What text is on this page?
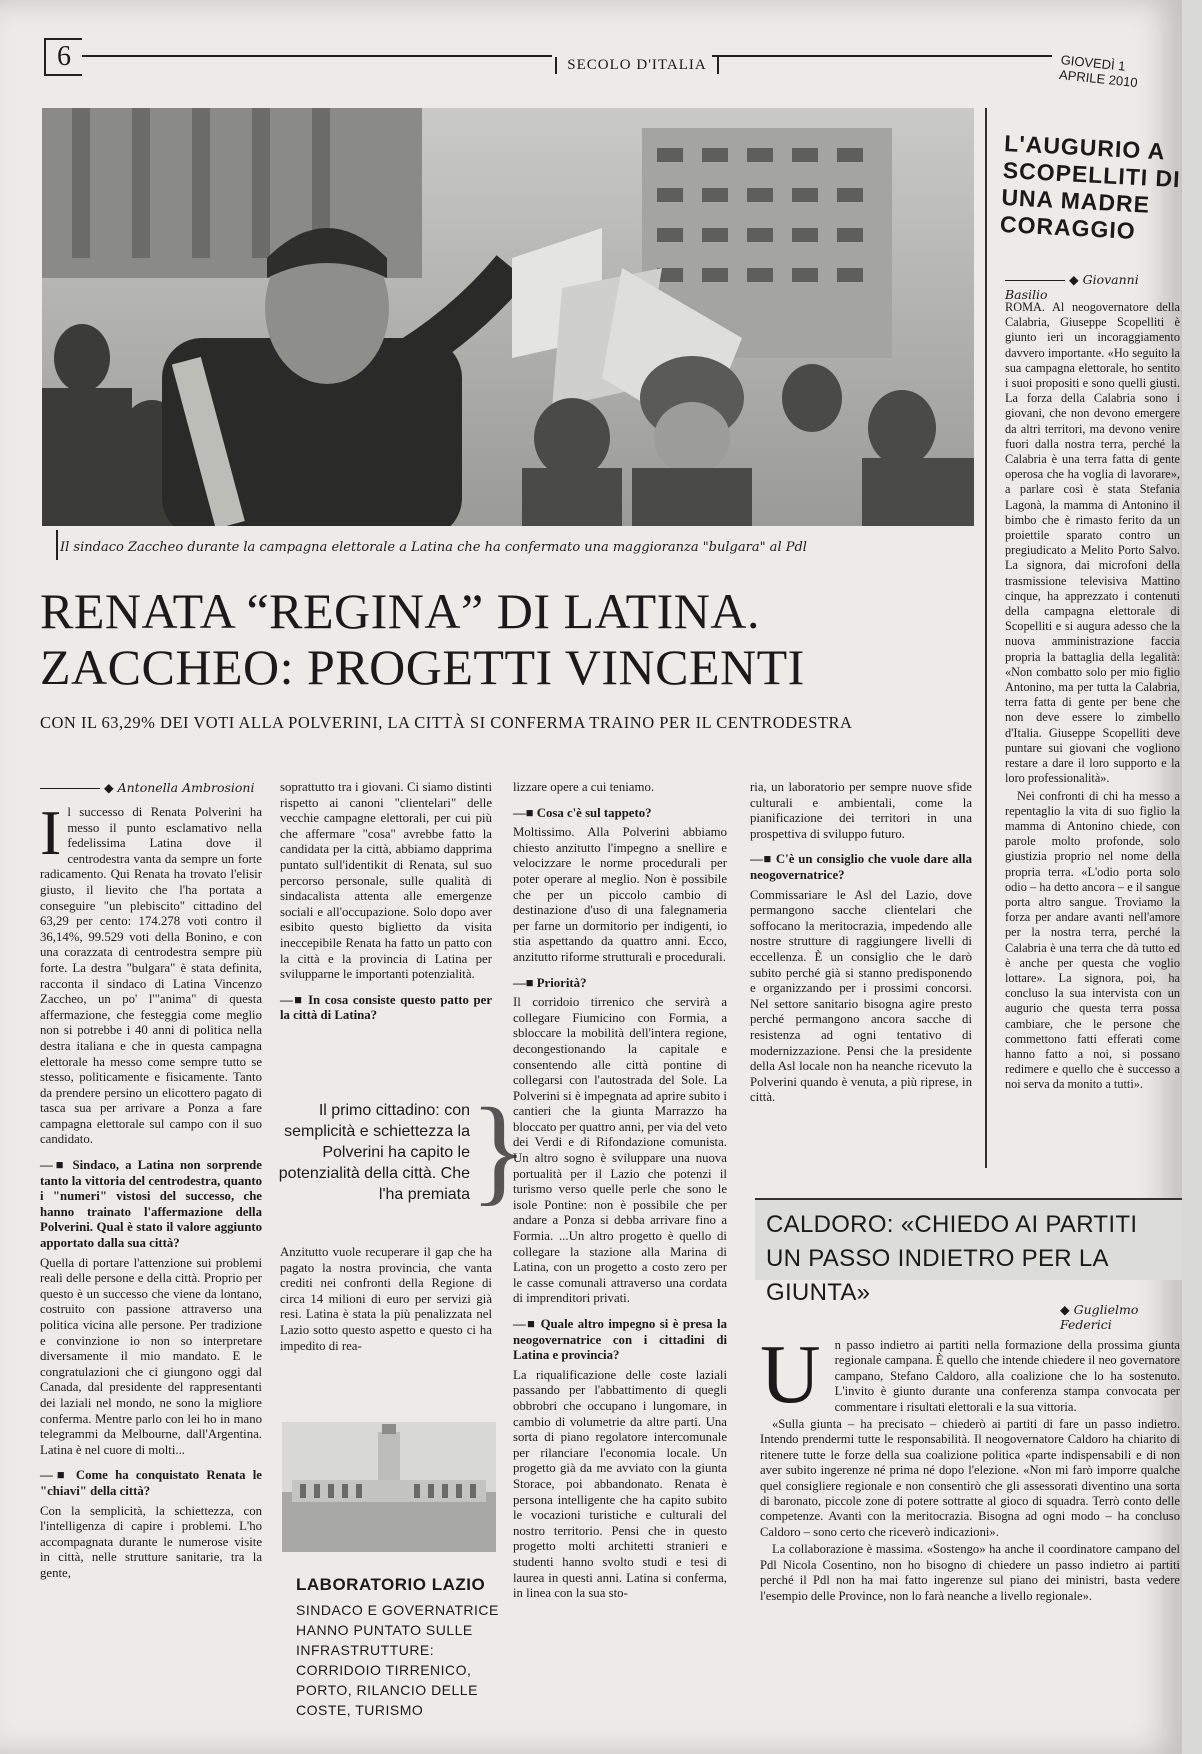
6	SECOLO D'ITALIA	GIOVEDÌ 1 APRILE 2010
Il sindaco Zaccheo durante la campagna elettorale a Latina che ha confermato una maggioranza "bulgara" al Pdl
RENATA “REGINA” DI LATINA.
ZACCHEO: PROGETTI VINCENTI
CON IL 63,29% DEI VOTI ALLA POLVERINI, LA CITTÀ SI CONFERMA TRAINO PER IL CENTRODESTRA
◆ Antonella Ambrosioni

Il successo di Renata Polverini ha messo il punto esclamativo nella fedelissima Latina dove il centrodestra vanta da sempre un forte radicamento. Qui Renata ha trovato l'elisir giusto, il lievito che l'ha portata a conseguire "un plebiscito" cittadino del 63,29 per cento: 174.278 voti contro il 36,14%, 99.529 voti della Bonino, e con una corazzata di centrodestra sempre più forte. La destra "bulgara" è stata definita, racconta il sindaco di Latina Vincenzo Zaccheo, un po' l'"anima" di questa affermazione, che festeggia come meglio non si potrebbe i 40 anni di politica nella destra italiana e che in questa campagna elettorale ha messo come sempre tutto se stesso, politicamente e fisicamente. Tanto da prendere persino un elicottero pagato di tasca sua per arrivare a Ponza a fare campagna elettorale sul campo con il suo candidato.

—■ Sindaco, a Latina non sorprende tanto la vittoria del centrodestra, quanto i "numeri" vistosi del successo, che hanno trainato l'affermazione della Polverini. Qual è stato il valore aggiunto apportato dalla sua città?

Quella di portare l'attenzione sui problemi reali delle persone e della città. Proprio per questo è un successo che viene da lontano, costruito con passione attraverso una politica vicina alle persone. Per tradizione e convinzione io non so interpretare diversamente il mio mandato. E le congratulazioni che ci giungono oggi dal Canada, dal presidente del rappresentanti dei laziali nel mondo, ne sono la migliore conferma. Mentre parlo con lei ho in mano telegrammi da Melbourne, dall'Argentina. Latina è nel cuore di molti...

—■ Come ha conquistato Renata le "chiavi" della città?

Con la semplicità, la schiettezza, con l'intelligenza di capire i problemi. L'ho accompagnata durante le numerose visite in città, nelle strutture sanitarie, tra la gente,

soprattutto tra i giovani. Ci siamo distinti rispetto ai canoni "clientelari" delle vecchie campagne elettorali, per cui più che affermare "cosa" avrebbe fatto la candidata per la città, abbiamo dapprima puntato sull'identikit di Renata, sul suo percorso personale, sulle qualità di sindacalista attenta alle emergenze sociali e all'occupazione. Solo dopo aver esibito questo biglietto da visita ineccepibile Renata ha fatto un patto con la città e la provincia di Latina per svilupparne le importanti potenzialità.

—■ In cosa consiste questo patto per la città di Latina?

Il primo cittadino: con semplicità e schiettezza la Polverini ha capito le potenzialità della città. Che l'ha premiata }

Anzitutto vuole recuperare il gap che ha pagato la nostra provincia, che vanta crediti nei confronti della Regione di circa 14 milioni di euro per servizi già resi. Latina è stata la più penalizzata nel Lazio sotto questo aspetto e questo ci ha impedito di rea-

LABORATORIO LAZIO
SINDACO E GOVERNATRICE HANNO PUNTATO SULLE INFRASTRUTTURE: CORRIDOIO TIRRENICO, PORTO, RILANCIO DELLE COSTE, TURISMO

lizzare opere a cui teniamo.

—■ Cosa c'è sul tappeto?

Moltissimo. Alla Polverini abbiamo chiesto anzitutto l'impegno a snellire e velocizzare le norme procedurali per poter operare al meglio. Non è possibile che per un piccolo cambio di destinazione d'uso di una falegnameria per farne un dormitorio per indigenti, io stia aspettando da quattro anni. Ecco, anzitutto riforme strutturali e procedurali.

—■ Priorità?

Il corridoio tirrenico che servirà a collegare Fiumicino con Formia, a sbloccare la mobilità dell'intera regione, decongestionando la capitale e consentendo alle città pontine di collegarsi con l'autostrada del Sole. La Polverini si è impegnata ad aprire subito i cantieri che la giunta Marrazzo ha bloccato per quattro anni, per via del veto dei Verdi e di Rifondazione comunista. Un altro sogno è sviluppare una nuova portualità per il Lazio che potenzi il turismo verso quelle perle che sono le isole Pontine: non è possibile che per andare a Ponza si debba arrivare fino a Formia. ...Un altro progetto è quello di collegare la stazione alla Marina di Latina, con un progetto a costo zero per le casse comunali attraverso una cordata di imprenditori privati.

—■ Quale altro impegno si è presa la neogovernatrice con i cittadini di Latina e provincia?

La riqualificazione delle coste laziali passando per l'abbattimento di quegli obbrobri che occupano i lungomare, in cambio di volumetrie da altre parti. Una sorta di piano regolatore intercomunale per rilanciare l'economia locale. Un progetto già da me avviato con la giunta Storace, poi abbandonato. Renata è persona intelligente che ha capito subito le vocazioni turistiche e culturali del nostro territorio. Pensi che in questo progetto molti architetti stranieri e studenti hanno svolto studi e tesi di laurea in questi anni. Latina si conferma, in linea con la sua sto-

ria, un laboratorio per sempre nuove sfide culturali e ambientali, come la pianificazione dei territori in una prospettiva di sviluppo futuro.

—■ C'è un consiglio che vuole dare alla neogovernatrice?

Commissariare le Asl del Lazio, dove permangono sacche clientelari che soffocano la meritocrazia, impedendo alle nostre strutture di raggiungere livelli di eccellenza. È un consiglio che le darò subito perché già si stanno predisponendo e organizzando per i prossimi concorsi. Nel settore sanitario bisogna agire presto perché permangono ancora sacche di resistenza ad ogni tentativo di modernizzazione. Pensi che la presidente della Asl locale non ha neanche ricevuto la Polverini quando è venuta, a più riprese, in città.

L'AUGURIO A SCOPELLITI DI UNA MADRE CORAGGIO
◆ Giovanni Basilio

ROMA. Al neogovernatore della Calabria, Giuseppe Scopelliti è giunto ieri un incoraggiamento davvero importante. «Ho seguito la sua campagna elettorale, ho sentito i suoi propositi e sono quelli giusti. La forza della Calabria sono i giovani, che non devono emergere da altri territori, ma devono venire fuori dalla nostra terra, perché la Calabria è una terra fatta di gente operosa che ha voglia di lavorare», a parlare così è stata Stefania Lagonà, la mamma di Antonino il bimbo che è rimasto ferito da un proiettile sparato contro un pregiudicato a Melito Porto Salvo. La signora, dai microfoni della trasmissione televisiva Mattino cinque, ha apprezzato i contenuti della campagna elettorale di Scopelliti e si augura adesso che la nuova amministrazione faccia propria la battaglia della legalità: «Non combatto solo per mio figlio Antonino, ma per tutta la Calabria, terra fatta di gente per bene che non deve essere lo zimbello d'Italia. Giuseppe Scopelliti deve puntare sui giovani che vogliono restare a dare il loro supporto e la loro professionalità».

Nei confronti di chi ha messo a repentaglio la vita di suo figlio la mamma di Antonino chiede, con parole molto profonde, solo giustizia proprio nel nome della propria terra. «L'odio porta solo odio – ha detto ancora – e il sangue porta altro sangue. Troviamo la forza per andare avanti nell'amore per la nostra terra, perché la Calabria è una terra che dà tutto ed è anche per questa che voglio lottare». La signora, poi, ha concluso la sua intervista con un augurio che questa terra possa cambiare, che le persone che commettono fatti efferati come hanno fatto a noi, si possano redimere e quello che è successo a noi serva da monito a tutti».

CALDORO: «CHIEDO AI PARTITI
UN PASSO INDIETRO PER LA GIUNTA»
◆ Guglielmo Federici

U n passo indietro ai partiti nella formazione della prossima giunta regionale campana. È quello che intende chiedere il neo governatore campano, Stefano Caldoro, alla coalizione che lo ha sostenuto. L'invito è giunto durante una conferenza stampa convocata per commentare i risultati elettorali e la sua vittoria.

«Sulla giunta – ha precisato – chiederò ai partiti di fare un passo indietro. Intendo prendermi tutte le responsabilità. Il neogovernatore Caldoro ha chiarito di ritenere tutte le forze della sua coalizione politica «parte indispensabili e di non aver subito ingerenze né prima né dopo l'elezione. «Non mi farò imporre qualche quel consigliere regionale e non consentirò che gli assessorati diventino una sorta di baronato, piccole zone di potere sottratte al gioco di squadra. Terrò conto delle competenze. Avanti con la meritocrazia. Bisogna ad ogni modo – ha concluso Caldoro – sono certo che riceverò indicazioni».

La collaborazione è massima. «Sostengo» ha anche il coordinatore campano del Pdl Nicola Cosentino, non ho bisogno di chiedere un passo indietro ai partiti perché il Pdl non ha mai fatto ingerenze sul piano dei ministri, basta vedere l'esempio delle Province, non lo farà neanche a livello regionale».
